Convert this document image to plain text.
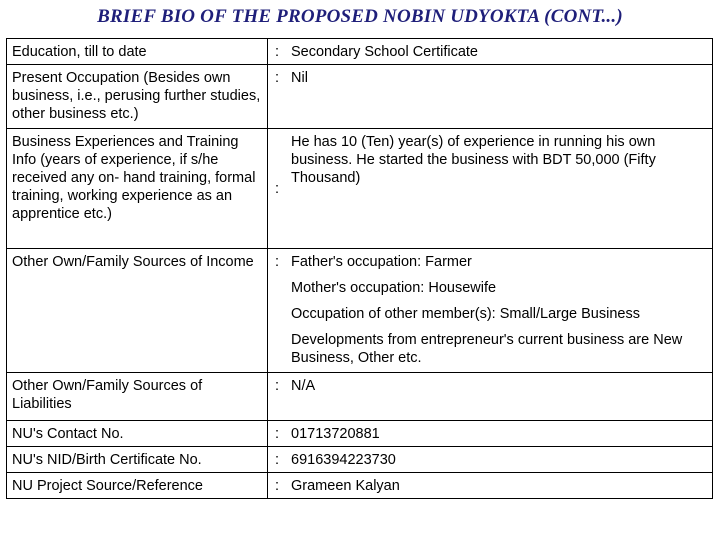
BRIEF BIO OF THE PROPOSED NOBIN UDYOKTA (CONT...)
Education, till to date	:	Secondary School Certificate

Present Occupation (Besides own business, i.e., perusing further studies, other business etc.)	:	Nil

Business Experiences and Training Info (years of experience, if s/he received any on- hand training, formal training, working experience as an apprentice etc.)	:	He has 10 (Ten) year(s) of experience in running his own business. He started the business with BDT 50,000 (Fifty Thousand)

Other Own/Family Sources of Income	:	Father's occupation: Farmer
Mother's occupation: Housewife
Occupation of other member(s): Small/Large Business
Developments from entrepreneur's current business are New Business, Other etc.

Other Own/Family Sources of Liabilities	:	N/A

NU's Contact No.	:	01713720881

NU's NID/Birth Certificate No.	:	6916394223730

NU Project Source/Reference	:	Grameen Kalyan
